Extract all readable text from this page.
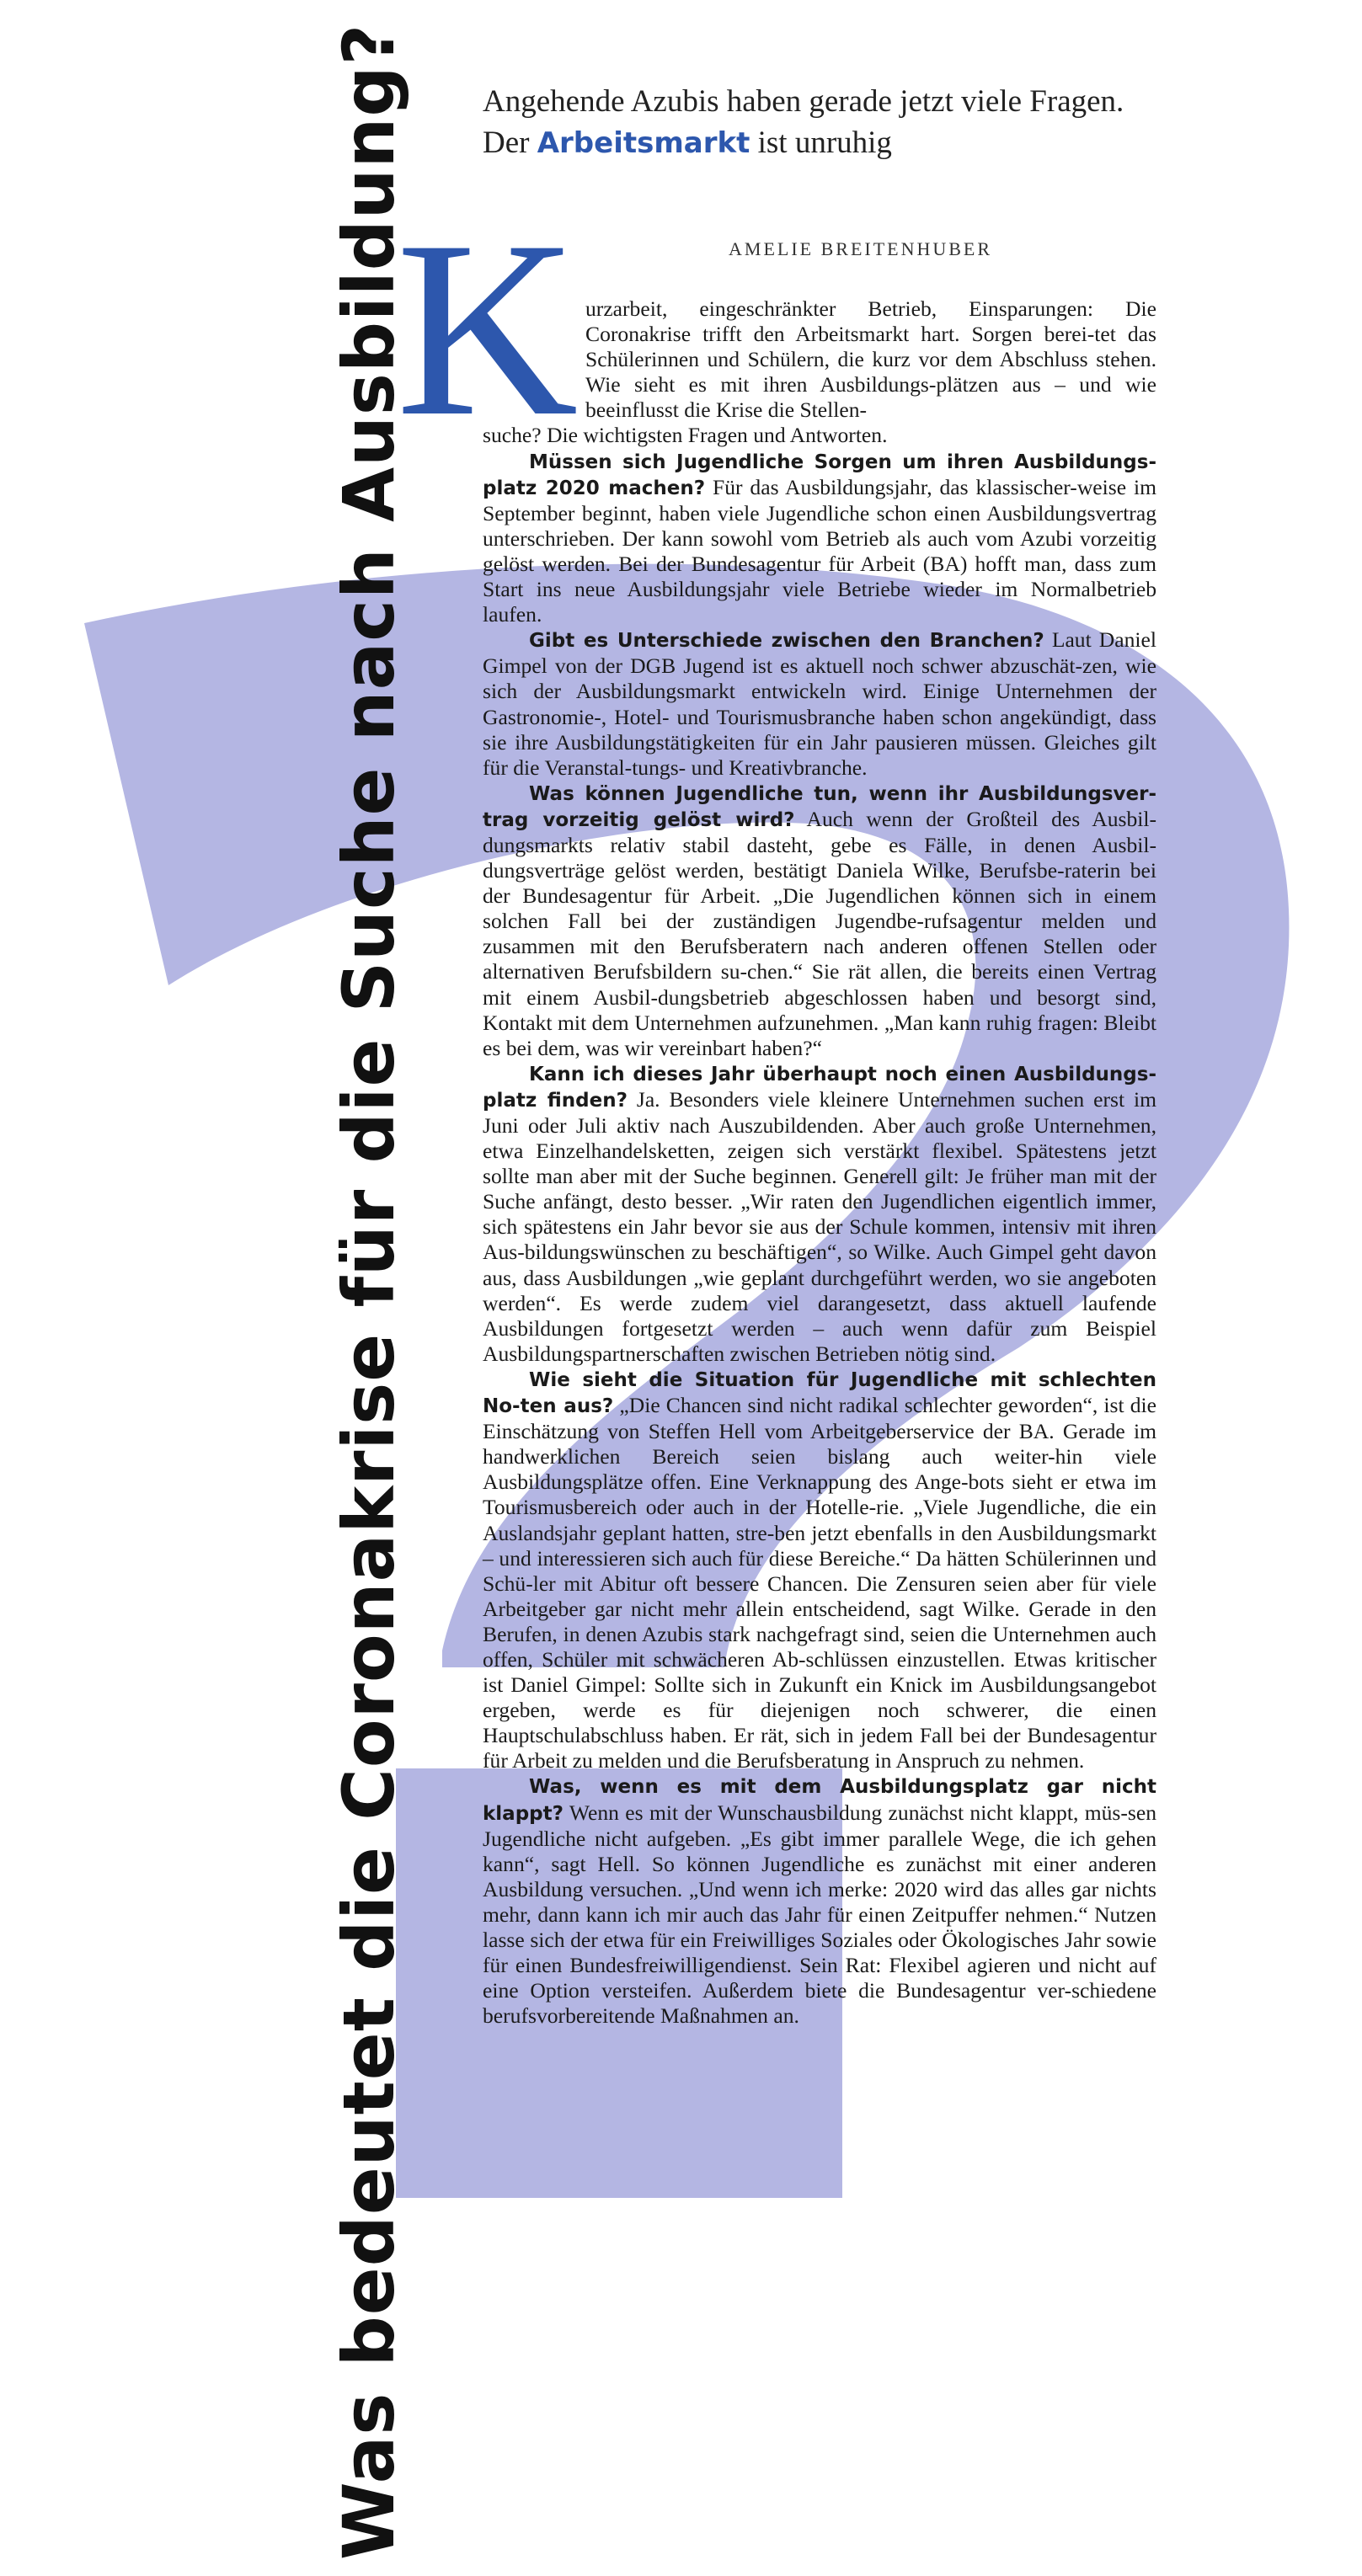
Was bedeutet die Coronakrise für die Suche nach Ausbildung? Angehende Azubis haben gerade jetzt viele Fragen. Der Arbeitsmarkt ist unruhig
AMELIE BREITENHUBER
K urzarbeit, eingeschränkter Betrieb, Einsparungen: Die Coronakrise trifft den Arbeitsmarkt hart. Sorgen berei-tet das Schülerinnen und Schülern, die kurz vor dem Abschluss stehen. Wie sieht es mit ihren Ausbildungs-plätzen aus – und wie beeinflusst die Krise die Stellen-
suche? Die wichtigsten Fragen und Antworten.

Müssen sich Jugendliche Sorgen um ihren Ausbildungs-platz 2020 machen? Für das Ausbildungsjahr, das klassischer-weise im September beginnt, haben viele Jugendliche schon einen Ausbildungsvertrag unterschrieben. Der kann sowohl vom Betrieb als auch vom Azubi vorzeitig gelöst werden. Bei der Bundesagentur für Arbeit (BA) hofft man, dass zum Start ins neue Ausbildungsjahr viele Betriebe wieder im Normalbetrieb laufen.

Gibt es Unterschiede zwischen den Branchen? Laut Daniel Gimpel von der DGB Jugend ist es aktuell noch schwer abzuschät-zen, wie sich der Ausbildungsmarkt entwickeln wird. Einige Unternehmen der Gastronomie-, Hotel- und Tourismusbranche haben schon angekündigt, dass sie ihre Ausbildungstätigkeiten für ein Jahr pausieren müssen. Gleiches gilt für die Veranstal-tungs- und Kreativbranche.

Was können Jugendliche tun, wenn ihr Ausbildungsver-trag vorzeitig gelöst wird? Auch wenn der Großteil des Ausbil-dungsmarkts relativ stabil dasteht, gebe es Fälle, in denen Ausbil-dungsverträge gelöst werden, bestätigt Daniela Wilke, Berufsbe-raterin bei der Bundesagentur für Arbeit. „Die Jugendlichen können sich in einem solchen Fall bei der zuständigen Jugendbe-rufsagentur melden und zusammen mit den Berufsberatern nach anderen offenen Stellen oder alternativen Berufsbildern su-chen.“ Sie rät allen, die bereits einen Vertrag mit einem Ausbil-dungsbetrieb abgeschlossen haben und besorgt sind, Kontakt mit dem Unternehmen aufzunehmen. „Man kann ruhig fragen: Bleibt es bei dem, was wir vereinbart haben?“

Kann ich dieses Jahr überhaupt noch einen Ausbildungs-platz finden? Ja. Besonders viele kleinere Unternehmen suchen erst im Juni oder Juli aktiv nach Auszubildenden. Aber auch große Unternehmen, etwa Einzelhandelsketten, zeigen sich verstärkt flexibel. Spätestens jetzt sollte man aber mit der Suche beginnen. Generell gilt: Je früher man mit der Suche anfängt, desto besser. „Wir raten den Jugendlichen eigentlich immer, sich spätestens ein Jahr bevor sie aus der Schule kommen, intensiv mit ihren Aus-bildungswünschen zu beschäftigen“, so Wilke. Auch Gimpel geht davon aus, dass Ausbildungen „wie geplant durchgeführt werden, wo sie angeboten werden“. Es werde zudem viel darangesetzt, dass aktuell laufende Ausbildungen fortgesetzt werden – auch wenn dafür zum Beispiel Ausbildungspartnerschaften zwischen Betrieben nötig sind.

Wie sieht die Situation für Jugendliche mit schlechten No-ten aus? „Die Chancen sind nicht radikal schlechter geworden“, ist die Einschätzung von Steffen Hell vom Arbeitgeberservice der BA. Gerade im handwerklichen Bereich seien bislang auch weiter-hin viele Ausbildungsplätze offen. Eine Verknappung des Ange-bots sieht er etwa im Tourismusbereich oder auch in der Hotelle-rie. „Viele Jugendliche, die ein Auslandsjahr geplant hatten, stre-ben jetzt ebenfalls in den Ausbildungsmarkt – und interessieren sich auch für diese Bereiche.“ Da hätten Schülerinnen und Schü-ler mit Abitur oft bessere Chancen. Die Zensuren seien aber für viele Arbeitgeber gar nicht mehr allein entscheidend, sagt Wilke. Gerade in den Berufen, in denen Azubis stark nachgefragt sind, seien die Unternehmen auch offen, Schüler mit schwächeren Ab-schlüssen einzustellen. Etwas kritischer ist Daniel Gimpel: Sollte sich in Zukunft ein Knick im Ausbildungsangebot ergeben, werde es für diejenigen noch schwerer, die einen Hauptschulabschluss haben. Er rät, sich in jedem Fall bei der Bundesagentur für Arbeit zu melden und die Berufsberatung in Anspruch zu nehmen.

Was, wenn es mit dem Ausbildungsplatz gar nicht klappt? Wenn es mit der Wunschausbildung zunächst nicht klappt, müs-sen Jugendliche nicht aufgeben. „Es gibt immer parallele Wege, die ich gehen kann“, sagt Hell. So können Jugendliche es zunächst mit einer anderen Ausbildung versuchen. „Und wenn ich merke: 2020 wird das alles gar nichts mehr, dann kann ich mir auch das Jahr für einen Zeitpuffer nehmen.“ Nutzen lasse sich der etwa für ein Freiwilliges Soziales oder Ökologisches Jahr sowie für einen Bundesfreiwilligendienst. Sein Rat: Flexibel agieren und nicht auf eine Option versteifen. Außerdem biete die Bundesagentur ver-schiedene berufsvorbereitende Maßnahmen an.
